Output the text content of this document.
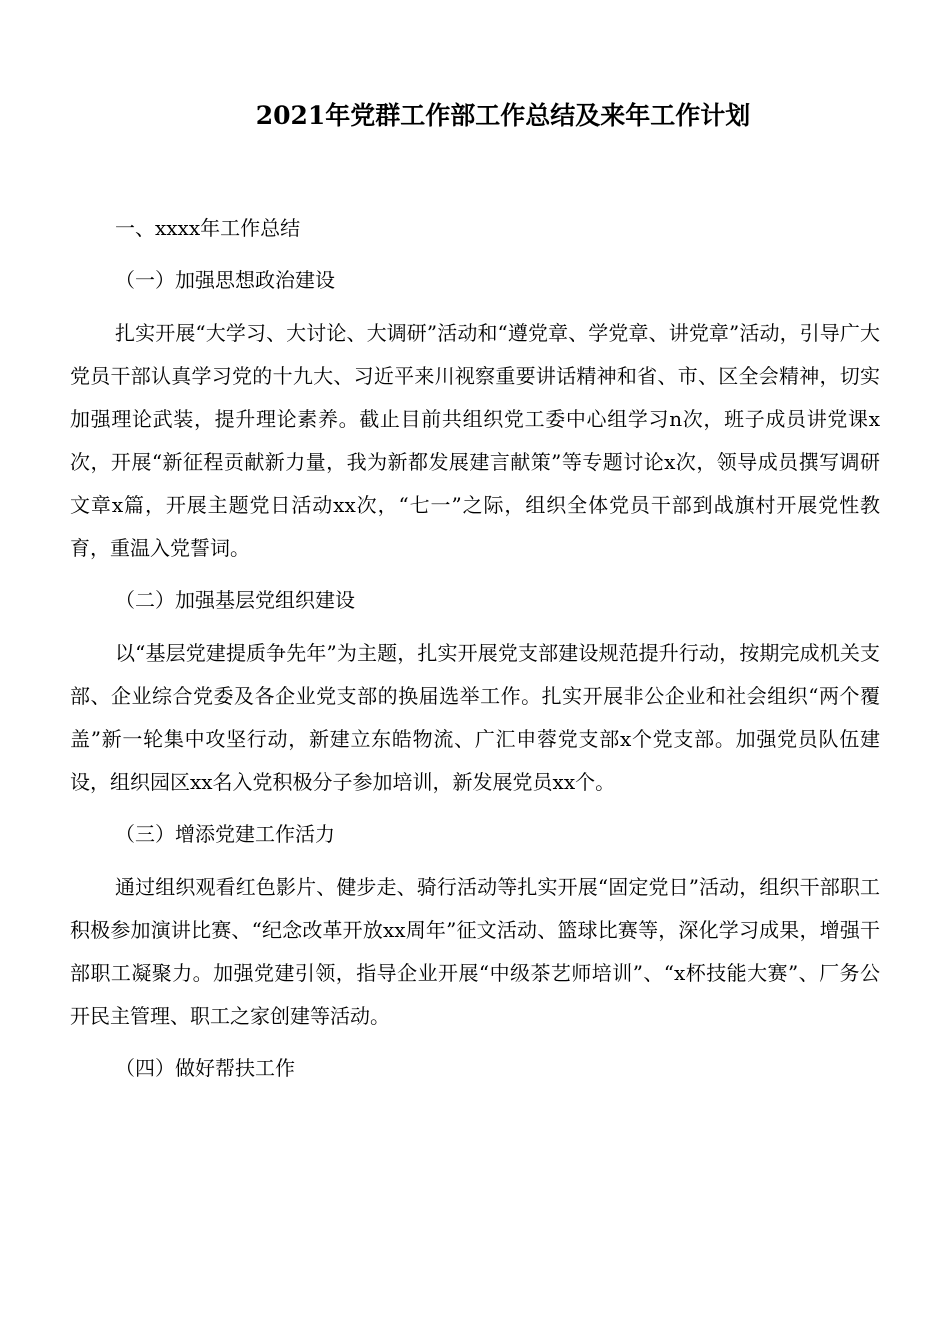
2021年党群工作部工作总结及来年工作计划

一、xxxx年工作总结

（一）加强思想政治建设

扎实开展“大学习、大讨论、大调研”活动和“遵党章、学党章、讲党章”活动，引导广大党员干部认真学习党的十九大、习近平来川视察重要讲话精神和省、市、区全会精神，切实加强理论武装，提升理论素养。截止目前共组织党工委中心组学习n次，班子成员讲党课x次，开展“新征程贡献新力量，我为新都发展建言献策”等专题讨论x次，领导成员撰写调研文章x篇，开展主题党日活动xx次，“七一”之际，组织全体党员干部到战旗村开展党性教育，重温入党誓词。

（二）加强基层党组织建设

以“基层党建提质争先年”为主题，扎实开展党支部建设规范提升行动，按期完成机关支部、企业综合党委及各企业党支部的换届选举工作。扎实开展非公企业和社会组织“两个覆盖”新一轮集中攻坚行动，新建立东皓物流、广汇申蓉党支部x个党支部。加强党员队伍建设，组织园区xx名入党积极分子参加培训，新发展党员xx个。

（三）增添党建工作活力

通过组织观看红色影片、健步走、骑行活动等扎实开展“固定党日”活动，组织干部职工积极参加演讲比赛、“纪念改革开放xx周年”征文活动、篮球比赛等，深化学习成果，增强干部职工凝聚力。加强党建引领，指导企业开展“中级茶艺师培训”、“x杯技能大赛”、厂务公开民主管理、职工之家创建等活动。

（四）做好帮扶工作
